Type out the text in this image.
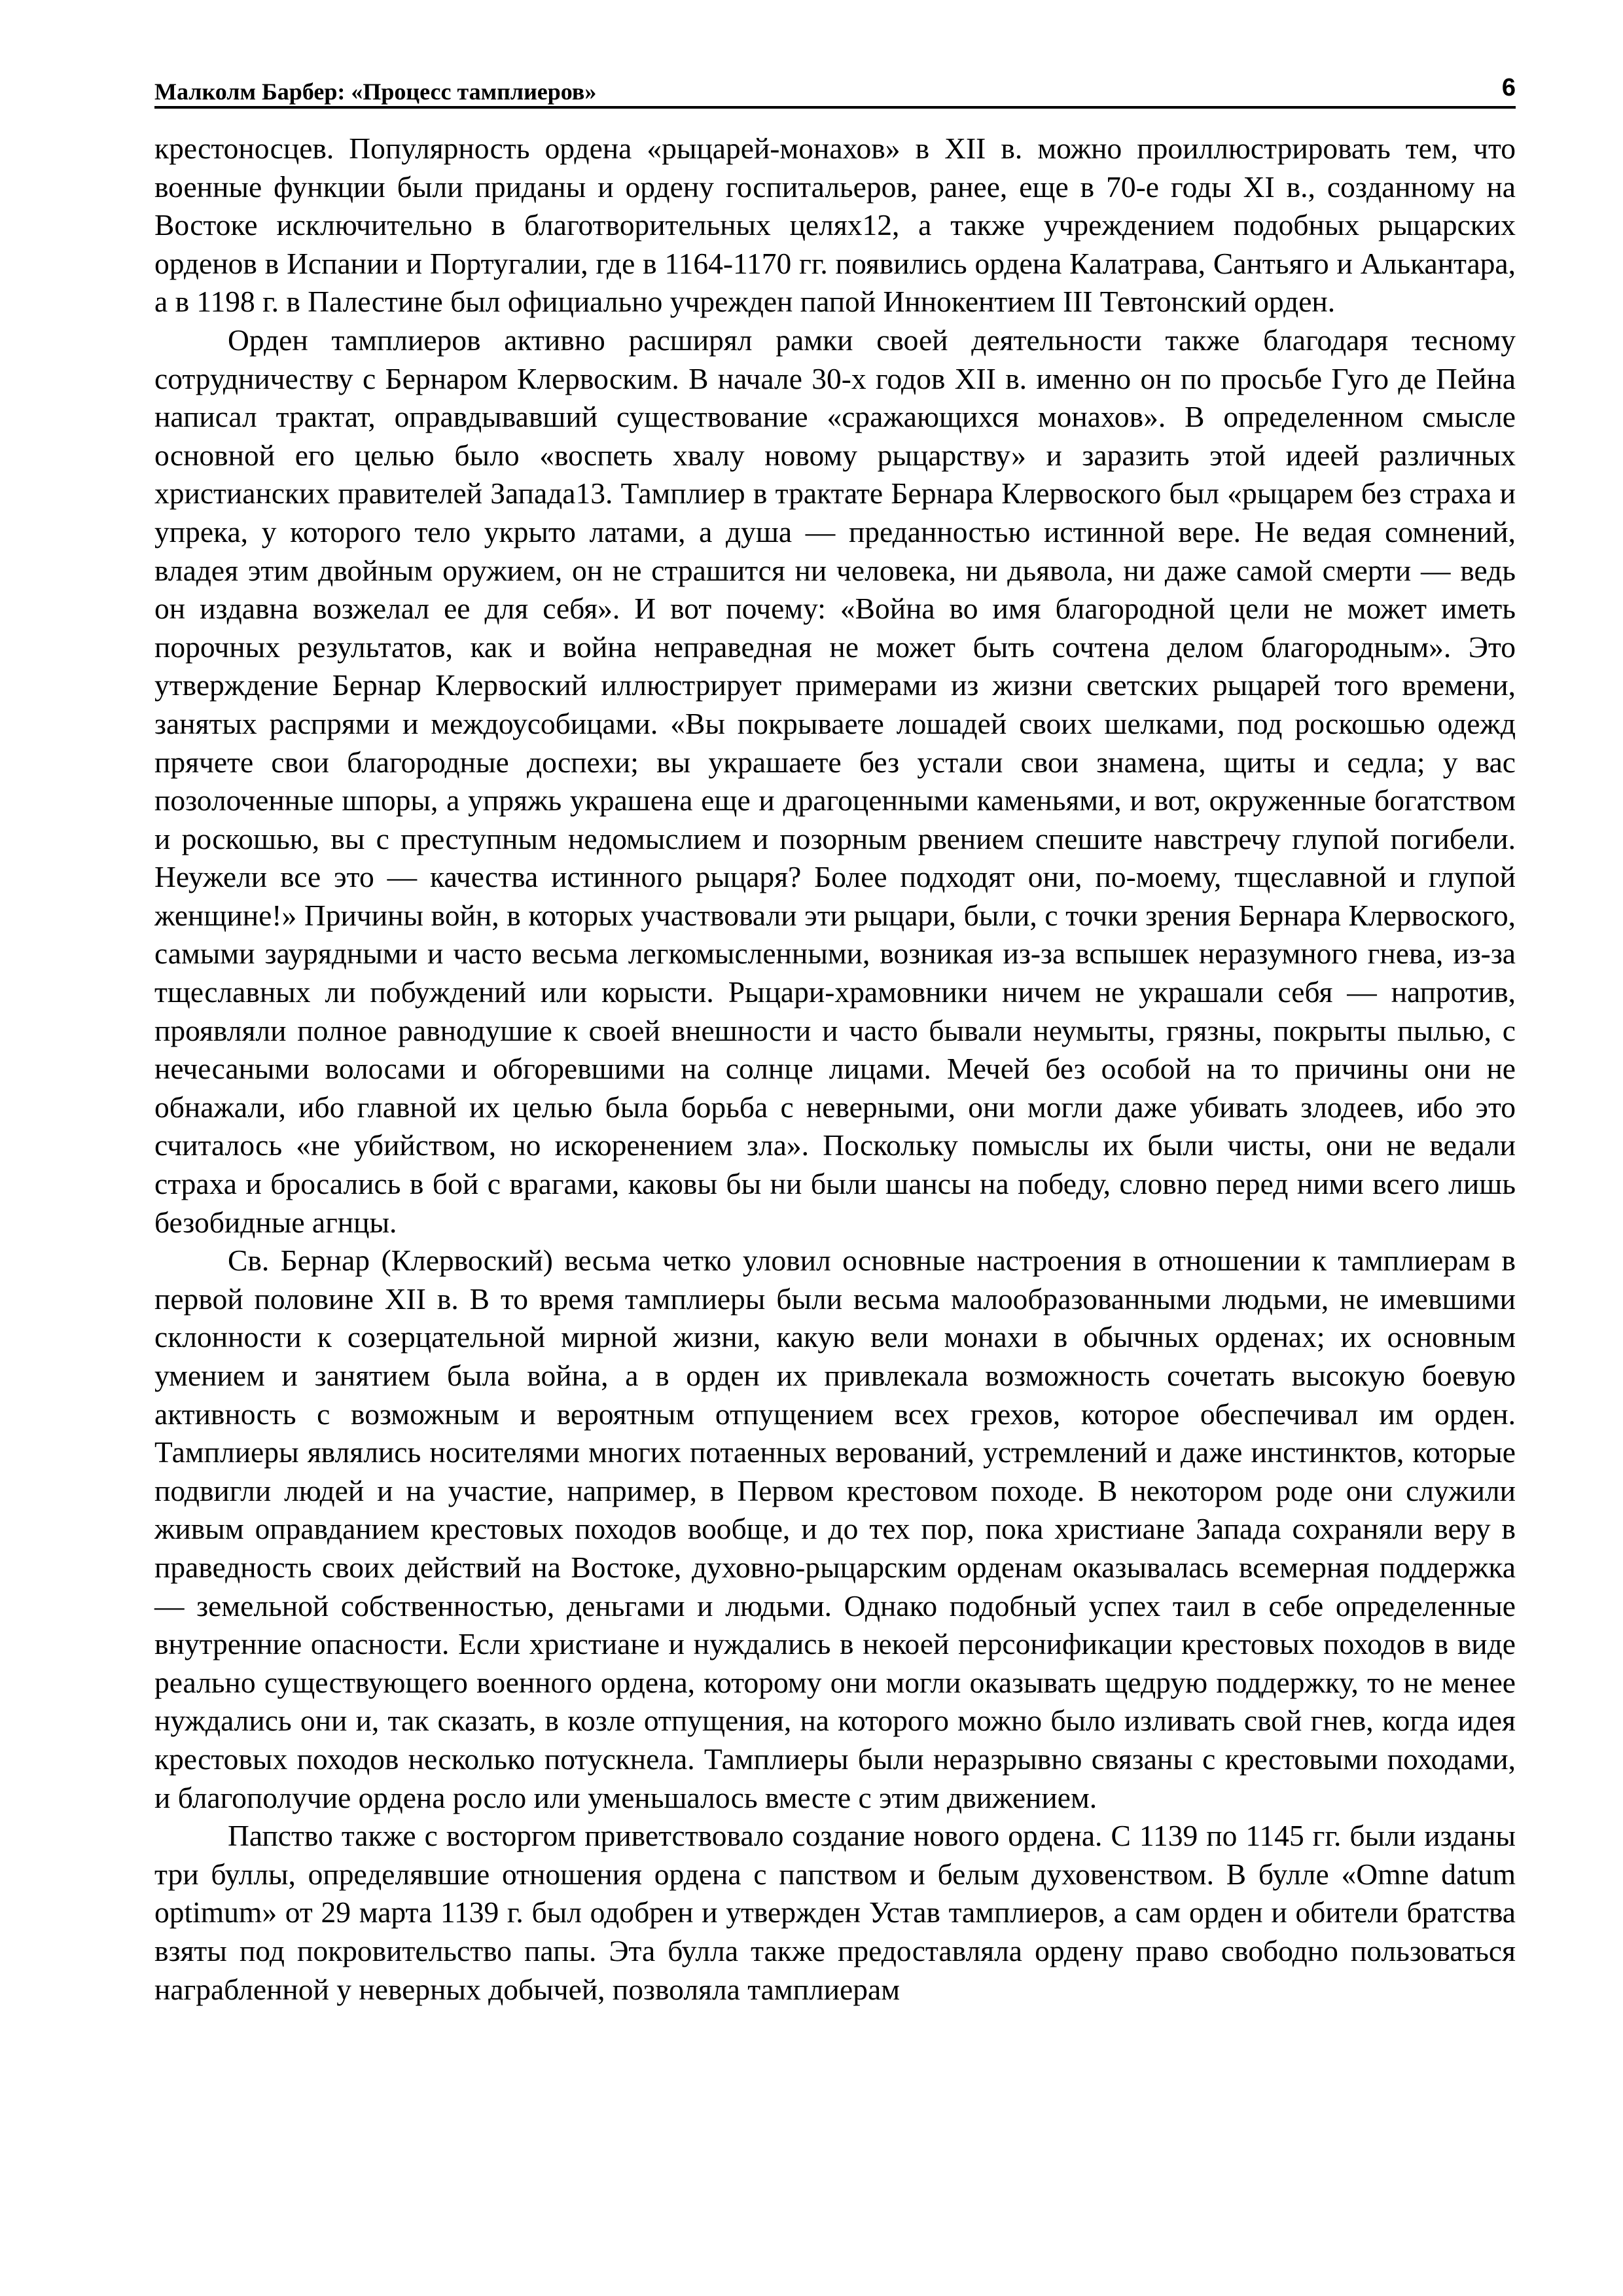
Малколм Барбер: «Процесс тамплиеров»	6

крестоносцев. Популярность ордена «рыцарей-монахов» в XII в. можно проиллюстрировать тем, что военные функции были приданы и ордену госпитальеров, ранее, еще в 70-е годы XI в., созданному на Востоке исключительно в благотворительных целях12, а также учреждением подобных рыцарских орденов в Испании и Португалии, где в 1164-1170 гг. появились ордена Калатрава, Сантьяго и Алькантара, а в 1198 г. в Палестине был официально учрежден папой Иннокентием III Тевтонский орден.

Орден тамплиеров активно расширял рамки своей деятельности также благодаря тесному сотрудничеству с Бернаром Клервоским. В начале 30-х годов XII в. именно он по просьбе Гуго де Пейна написал трактат, оправдывавший существование «сражающихся монахов». В определенном смысле основной его целью было «воспеть хвалу новому рыцарству» и заразить этой идеей различных христианских правителей Запада13. Тамплиер в трактате Бернара Клервоского был «рыцарем без страха и упрека, у которого тело укрыто латами, а душа — преданностью истинной вере. Не ведая сомнений, владея этим двойным оружием, он не страшится ни человека, ни дьявола, ни даже самой смерти — ведь он издавна возжелал ее для себя». И вот почему: «Война во имя благородной цели не может иметь порочных результатов, как и война неправедная не может быть сочтена делом благородным». Это утверждение Бернар Клервоский иллюстрирует примерами из жизни светских рыцарей того времени, занятых распрями и междоусобицами. «Вы покрываете лошадей своих шелками, под роскошью одежд прячете свои благородные доспехи; вы украшаете без устали свои знамена, щиты и седла; у вас позолоченные шпоры, а упряжь украшена еще и драгоценными каменьями, и вот, окруженные богатством и роскошью, вы с преступным недомыслием и позорным рвением спешите навстречу глупой погибели. Неужели все это — качества истинного рыцаря? Более подходят они, по-моему, тщеславной и глупой женщине!» Причины войн, в которых участвовали эти рыцари, были, с точки зрения Бернара Клервоского, самыми заурядными и часто весьма легкомысленными, возникая из-за вспышек неразумного гнева, из-за тщеславных ли побуждений или корысти. Рыцари-храмовники ничем не украшали себя — напротив, проявляли полное равнодушие к своей внешности и часто бывали неумыты, грязны, покрыты пылью, с нечесаными волосами и обгоревшими на солнце лицами. Мечей без особой на то причины они не обнажали, ибо главной их целью была борьба с неверными, они могли даже убивать злодеев, ибо это считалось «не убийством, но искоренением зла». Поскольку помыслы их были чисты, они не ведали страха и бросались в бой с врагами, каковы бы ни были шансы на победу, словно перед ними всего лишь безобидные агнцы.

Св. Бернар (Клервоский) весьма четко уловил основные настроения в отношении к тамплиерам в первой половине XII в. В то время тамплиеры были весьма малообразованными людьми, не имевшими склонности к созерцательной мирной жизни, какую вели монахи в обычных орденах; их основным умением и занятием была война, а в орден их привлекала возможность сочетать высокую боевую активность с возможным и вероятным отпущением всех грехов, которое обеспечивал им орден. Тамплиеры являлись носителями многих потаенных верований, устремлений и даже инстинктов, которые подвигли людей и на участие, например, в Первом крестовом походе. В некотором роде они служили живым оправданием крестовых походов вообще, и до тех пор, пока христиане Запада сохраняли веру в праведность своих действий на Востоке, духовно-рыцарским орденам оказывалась всемерная поддержка — земельной собственностью, деньгами и людьми. Однако подобный успех таил в себе определенные внутренние опасности. Если христиане и нуждались в некоей персонификации крестовых походов в виде реально существующего военного ордена, которому они могли оказывать щедрую поддержку, то не менее нуждались они и, так сказать, в козле отпущения, на которого можно было изливать свой гнев, когда идея крестовых походов несколько потускнела. Тамплиеры были неразрывно связаны с крестовыми походами, и благополучие ордена росло или уменьшалось вместе с этим движением.

Папство также с восторгом приветствовало создание нового ордена. С 1139 по 1145 гг. были изданы три буллы, определявшие отношения ордена с папством и белым духовенством. В булле «Omne datum optimum» от 29 марта 1139 г. был одобрен и утвержден Устав тамплиеров, а сам орден и обители братства взяты под покровительство папы. Эта булла также предоставляла ордену право свободно пользоваться награбленной у неверных добычей, позволяла тамплиерам
